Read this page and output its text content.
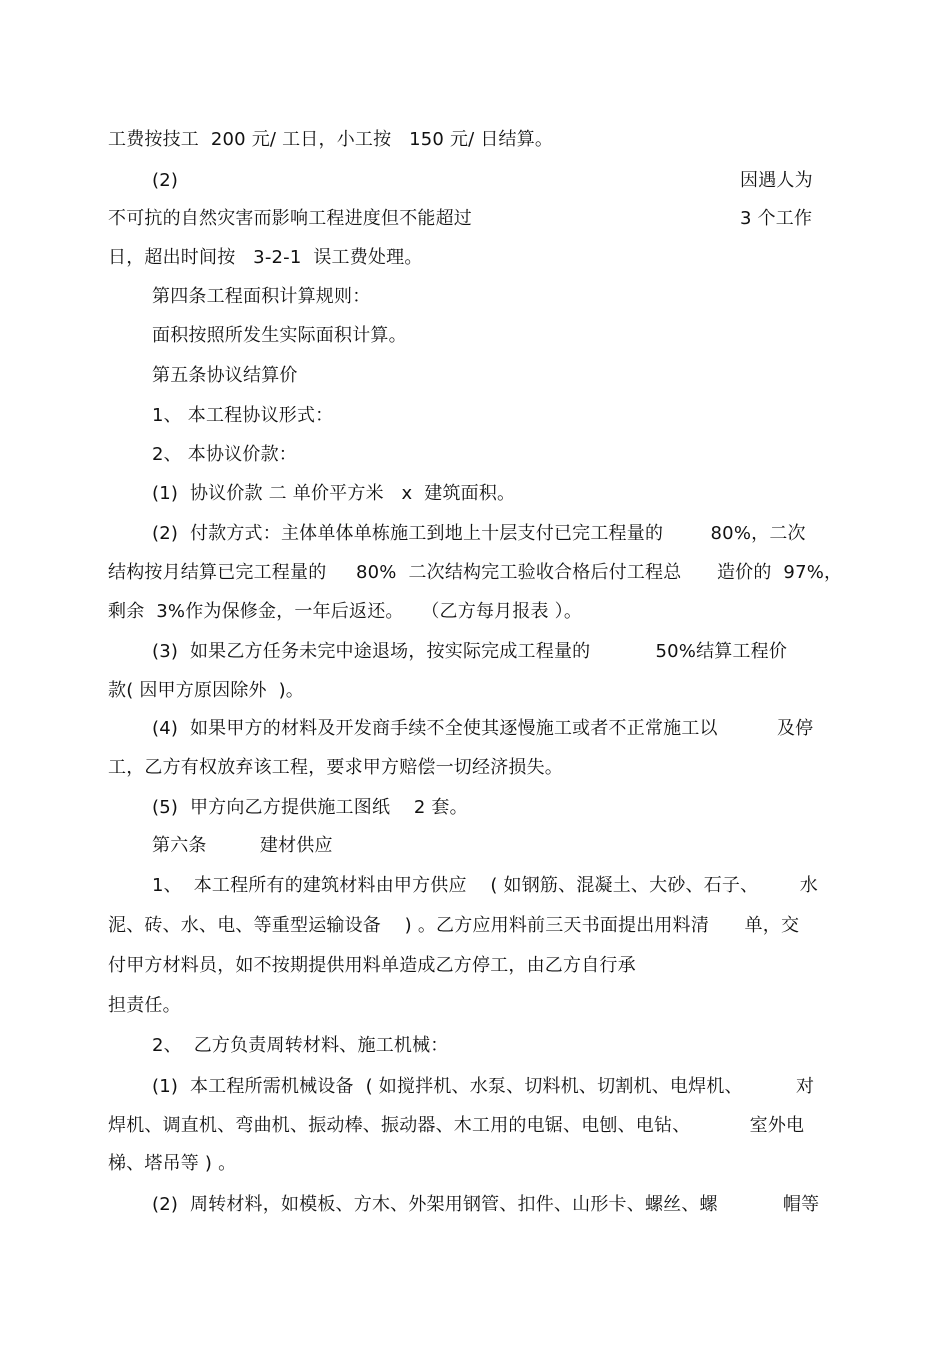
工费按技工  200 元/ 工日，小工按   150 元/ 日结算。
(2)	因遇人为
不可抗的自然灾害而影响工程进度但不能超过	3 个工作
日，超出时间按   3-2-1  误工费处理。
第四条工程面积计算规则：
面积按照所发生实际面积计算。
第五条协议结算价
1、 本工程协议形式：
2、 本协议价款：
(1)  协议价款 二 单价平方米   x  建筑面积。
(2)  付款方式：主体单体单栋施工到地上十层支付已完工程量的        80%，二次
结构按月结算已完工程量的     80%  二次结构完工验收合格后付工程总      造价的  97%，
剩余  3%作为保修金，一年后返还。   （乙方每月报表 ）。
(3)  如果乙方任务未完中途退场，按实际完成工程量的           50%结算工程价
款( 因甲方原因除外  )。
(4)  如果甲方的材料及开发商手续不全使其逐慢施工或者不正常施工以          及停
工，乙方有权放弃该工程，要求甲方赔偿一切经济损失。
(5)  甲方向乙方提供施工图纸    2 套。
第六条         建材供应
1、  本工程所有的建筑材料由甲方供应    ( 如钢筋、混凝土、大砂、石子、       水
泥、砖、水、电、等重型运输设备    ) 。乙方应用料前三天书面提出用料清      单，交
付甲方材料员，如不按期提供用料单造成乙方停工，由乙方自行承
担责任。
2、  乙方负责周转材料、施工机械：
(1)  本工程所需机械设备  ( 如搅拌机、水泵、切料机、切割机、电焊机、         对
焊机、调直机、弯曲机、振动棒、振动器、木工用的电锯、电刨、电钻、          室外电
梯、塔吊等 ) 。
(2)  周转材料，如模板、方木、外架用钢管、扣件、山形卡、螺丝、螺           帽等
